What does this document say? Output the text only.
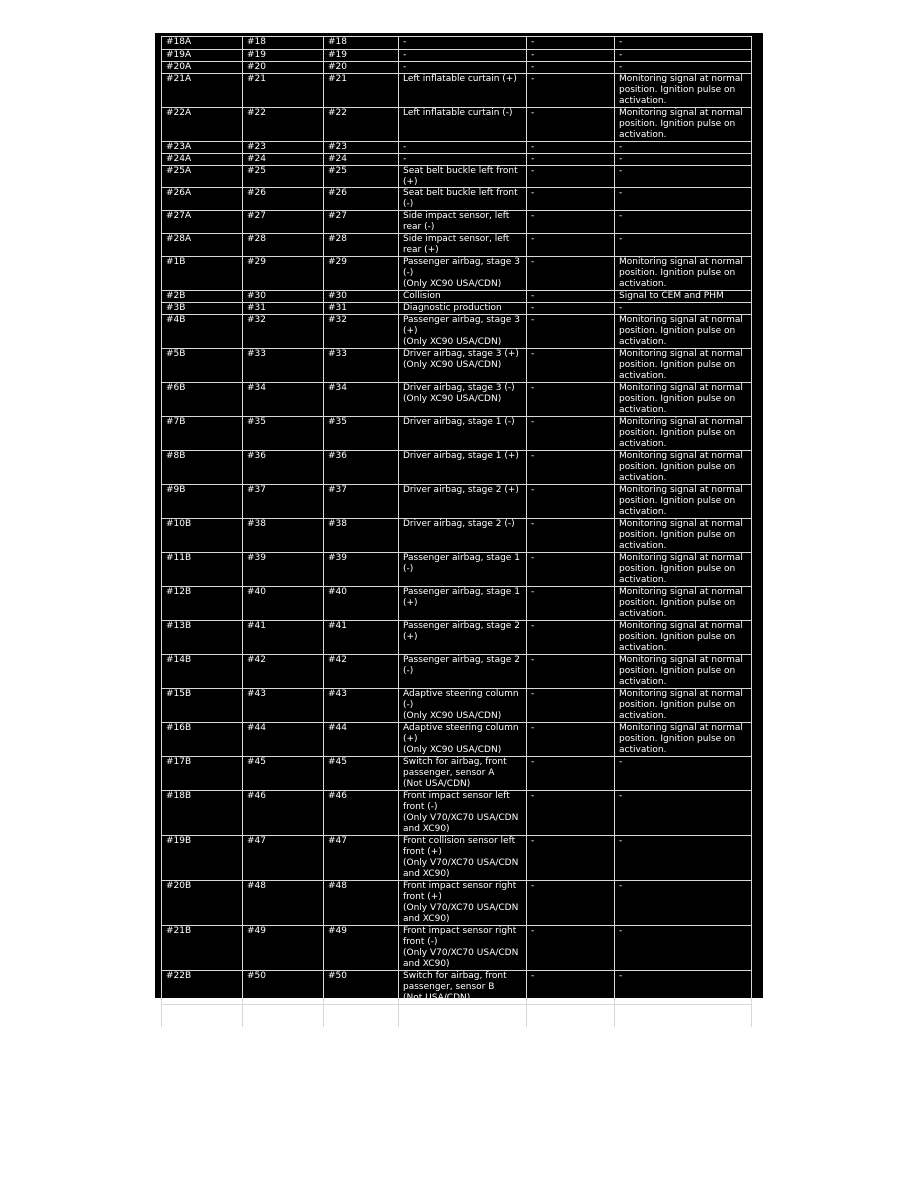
#18A	#18	#18	-	-	-

#19A	#19	#19	-	-	-

#20A	#20	#20	-	-	-

#21A	#21	#21	Left inflatable curtain (+)	-	Monitoring signal at normal position. Ignition pulse on activation.

#22A	#22	#22	Left inflatable curtain (-)	-	Monitoring signal at normal position. Ignition pulse on activation.

#23A	#23	#23	-	-	-

#24A	#24	#24	-	-	-

#25A	#25	#25	Seat belt buckle left front (+)	-	-

#26A	#26	#26	Seat belt buckle left front (-)	-	-

#27A	#27	#27	Side impact sensor, left rear (-)	-	-

#28A	#28	#28	Side impact sensor, left rear (+)	-	-

#1B	#29	#29	Passenger airbag, stage 3 (-)
(Only XC90 USA/CDN)	-	Monitoring signal at normal position. Ignition pulse on activation.

#2B	#30	#30	Collision	-	Signal to CEM and PHM

#3B	#31	#31	Diagnostic production	-	-

#4B	#32	#32	Passenger airbag, stage 3 (+)
(Only XC90 USA/CDN)	-	Monitoring signal at normal position. Ignition pulse on activation.

#5B	#33	#33	Driver airbag, stage 3 (+)
(Only XC90 USA/CDN)	-	Monitoring signal at normal position. Ignition pulse on activation.

#6B	#34	#34	Driver airbag, stage 3 (-)
(Only XC90 USA/CDN)	-	Monitoring signal at normal position. Ignition pulse on activation.

#7B	#35	#35	Driver airbag, stage 1 (-)	-	Monitoring signal at normal position. Ignition pulse on activation.

#8B	#36	#36	Driver airbag, stage 1 (+)	-	Monitoring signal at normal position. Ignition pulse on activation.

#9B	#37	#37	Driver airbag, stage 2 (+)	-	Monitoring signal at normal position. Ignition pulse on activation.

#10B	#38	#38	Driver airbag, stage 2 (-)	-	Monitoring signal at normal position. Ignition pulse on activation.

#11B	#39	#39	Passenger airbag, stage 1 (-)	-	Monitoring signal at normal position. Ignition pulse on activation.

#12B	#40	#40	Passenger airbag, stage 1 (+)	-	Monitoring signal at normal position. Ignition pulse on activation.

#13B	#41	#41	Passenger airbag, stage 2 (+)	-	Monitoring signal at normal position. Ignition pulse on activation.

#14B	#42	#42	Passenger airbag, stage 2 (-)	-	Monitoring signal at normal position. Ignition pulse on activation.

#15B	#43	#43	Adaptive steering column (-)
(Only XC90 USA/CDN)	-	Monitoring signal at normal position. Ignition pulse on activation.

#16B	#44	#44	Adaptive steering column (+)
(Only XC90 USA/CDN)	-	Monitoring signal at normal position. Ignition pulse on activation.

#17B	#45	#45	Switch for airbag, front passenger, sensor A
(Not USA/CDN)	-	-

#18B	#46	#46	Front impact sensor left front (-)
(Only V70/XC70 USA/CDN and XC90)	-	-

#19B	#47	#47	Front collision sensor left front (+)
(Only V70/XC70 USA/CDN and XC90)	-	-

#20B	#48	#48	Front impact sensor right front (+)
(Only V70/XC70 USA/CDN and XC90)	-	-

#21B	#49	#49	Front impact sensor right front (-)
(Only V70/XC70 USA/CDN and XC90)	-	-

#22B	#50	#50	Switch for airbag, front passenger, sensor B
(Not USA/CDN)	-	-

#23B	#51	#51	CAN H	-	During communication the
